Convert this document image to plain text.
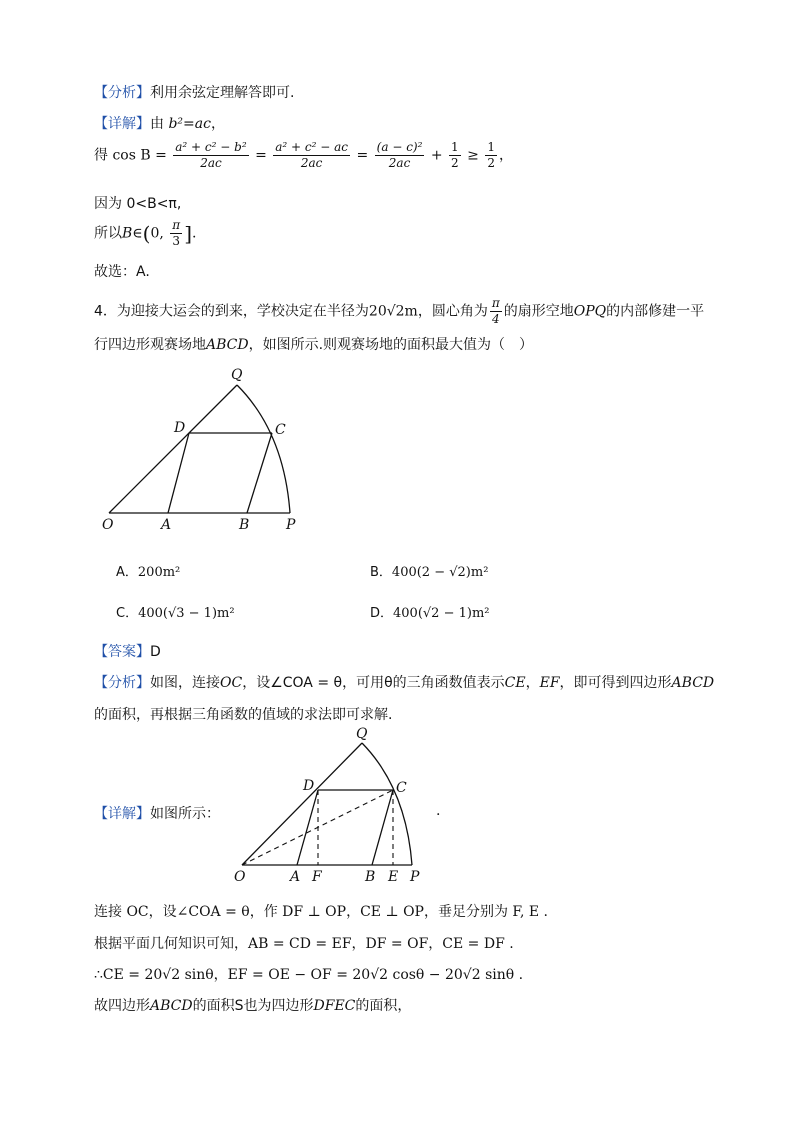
【分析】利用余弦定理解答即可.
【详解】由 b²=ac，
得 $\cos B = \frac{\text{a² + c² − b²}}{2ac} = \frac{\text{a² + c² − ac}}{2ac} = \frac{\text{(a − c)²}}{2ac} + \frac{1}{2} \ge \frac{1}{2}$ ，
因为 0<B<π,
所以B∈(0, $\frac{\pi}{3}$ ].
故选：A.
4．为迎接大运会的到来，学校决定在半径为20√2m，圆心角为 $\frac{\pi}{4}$ 的扇形空地OPQ的内部修建一平
行四边形观赛场地ABCD，如图所示.则观赛场地的面积最大值为（　）
Q
D	C
O	A	B	P
A．200m²	B．400(2 − √2)m²
C．400(√3 − 1)m²	D．400(√2 − 1)m²
【答案】D
【分析】如图，连接OC，设∠COA = θ，可用θ的三角函数值表示CE，EF，即可得到四边形ABCD
的面积，再根据三角函数的值域的求法即可求解.
【详解】如图所示：	.
Q
D	C
O	A F	B E P
连接 OC，设∠COA = θ，作 DF ⊥ OP，CE ⊥ OP，垂足分别为 F, E .
根据平面几何知识可知，AB = CD = EF，DF = OF，CE = DF .
∴CE = 20√2 sinθ，EF = OE − OF = 20√2 cosθ − 20√2 sinθ .
故四边形ABCD的面积S也为四边形DFEC的面积，
